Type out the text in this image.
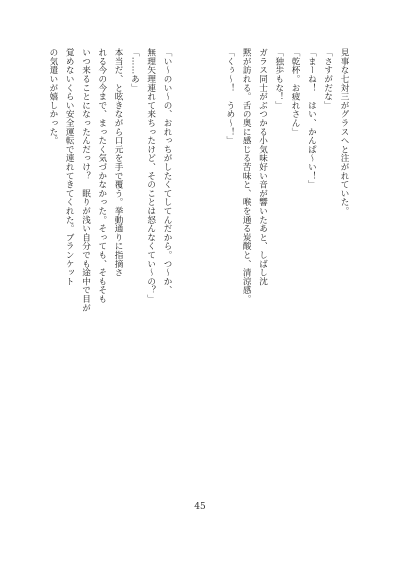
見事な七対三がグラスへと注がれていた。

「さすがだな」

「まーね！　はい、かんぱ〜い！」

「乾杯。お疲れさん」

「独歩もな！」

ガラス同士がぶつかる小気味好い音が響いたあと、しばし沈

黙が訪れる。舌の奥に感じる苦味と、喉を通る炭酸と、清涼感。

「くぅ〜！　うめ〜！」

「い〜のい〜の、おれっちがしたくてしてんだから。つ〜か、

無理矢理連れて来ちったけど、そのことは怒んなくてい〜の？」

「……あ」

本当だ、と呟きながら口元を手で覆う。挙動通りに指摘さ

れる今の今まで、まったく気づかなかった。そっても、そもそも

いつ来ることになったんだっけ？　眠りが浅い自分でも途中で目が

覚めないくらい安全運転で連れてきてくれた。ブランケット

の気遣いが嬉しかった。

45
